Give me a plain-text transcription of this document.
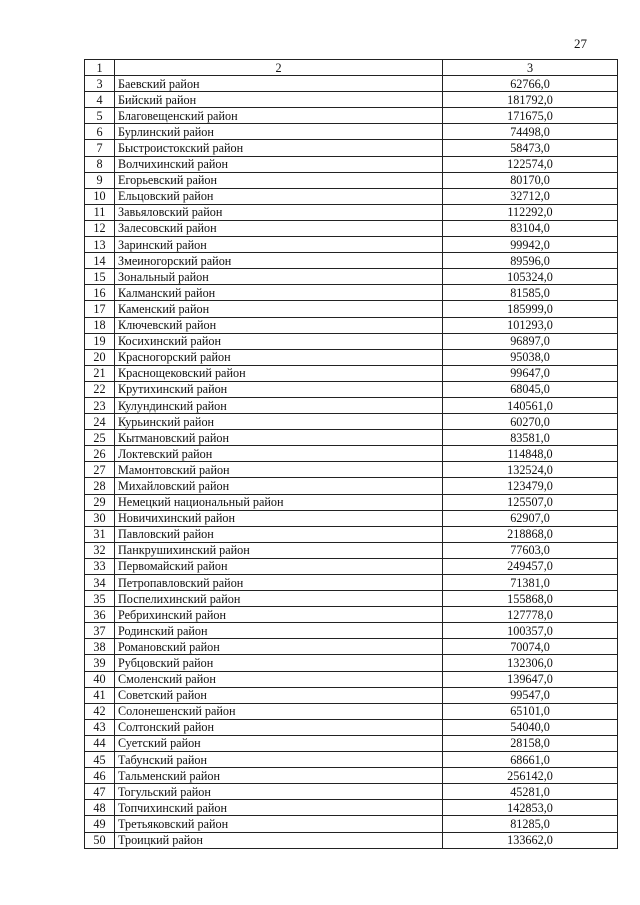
27
1	2	3
3	Баевский район	62766,0
4	Бийский район	181792,0
5	Благовещенский район	171675,0
6	Бурлинский район	74498,0
7	Быстроистокский район	58473,0
8	Волчихинский район	122574,0
9	Егорьевский район	80170,0
10	Ельцовский район	32712,0
11	Завьяловский район	112292,0
12	Залесовский район	83104,0
13	Заринский район	99942,0
14	Змеиногорский район	89596,0
15	Зональный район	105324,0
16	Калманский район	81585,0
17	Каменский район	185999,0
18	Ключевский район	101293,0
19	Косихинский район	96897,0
20	Красногорский район	95038,0
21	Краснощековский район	99647,0
22	Крутихинский район	68045,0
23	Кулундинский район	140561,0
24	Курьинский район	60270,0
25	Кытмановский район	83581,0
26	Локтевский район	114848,0
27	Мамонтовский район	132524,0
28	Михайловский район	123479,0
29	Немецкий национальный район	125507,0
30	Новичихинский район	62907,0
31	Павловский район	218868,0
32	Панкрушихинский район	77603,0
33	Первомайский район	249457,0
34	Петропавловский район	71381,0
35	Поспелихинский район	155868,0
36	Ребрихинский район	127778,0
37	Родинский район	100357,0
38	Романовский район	70074,0
39	Рубцовский район	132306,0
40	Смоленский район	139647,0
41	Советский район	99547,0
42	Солонешенский район	65101,0
43	Солтонский район	54040,0
44	Суетский район	28158,0
45	Табунский район	68661,0
46	Тальменский район	256142,0
47	Тогульский район	45281,0
48	Топчихинский район	142853,0
49	Третьяковский район	81285,0
50	Троицкий район	133662,0
